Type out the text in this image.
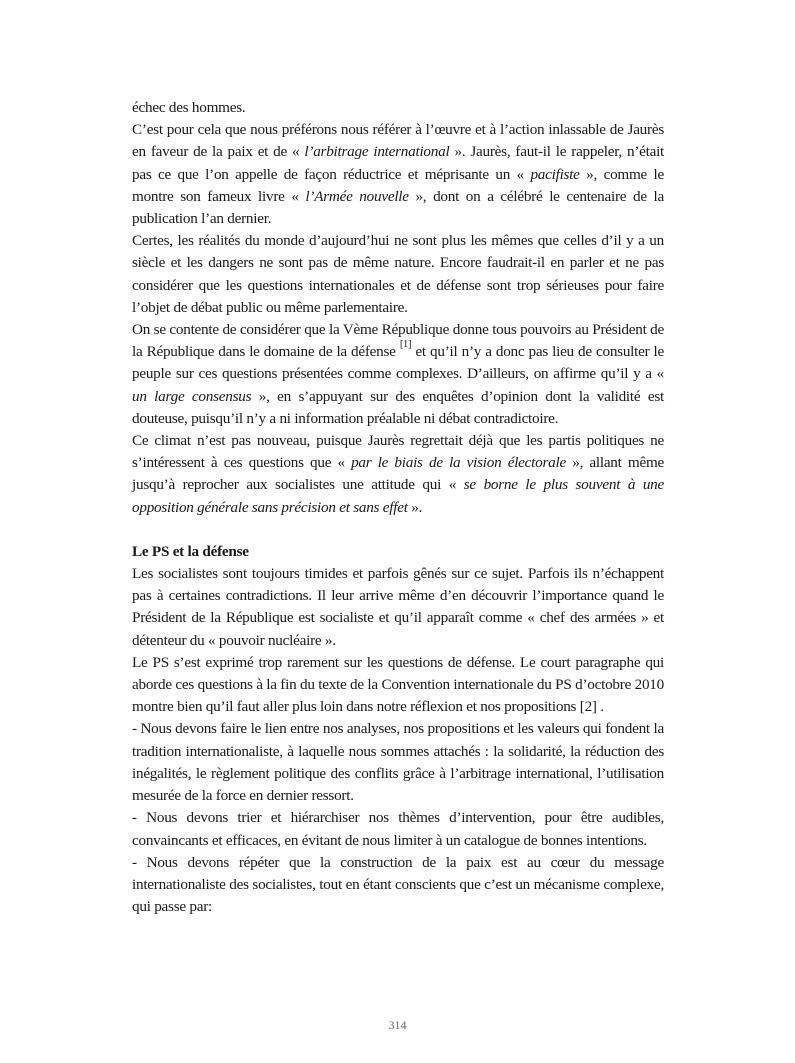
échec des hommes.

C’est pour cela que nous préférons nous référer à l’œuvre et à l’action inlassable de Jaurès en faveur de la paix et de « l’arbitrage international ». Jaurès, faut-il le rappeler, n’était pas ce que l’on appelle de façon réductrice et méprisante un « pacifiste », comme le montre son fameux livre « l’Armée nouvelle », dont on a célébré le centenaire de la publication l’an dernier.

Certes, les réalités du monde d’aujourd’hui ne sont plus les mêmes que celles d’il y a un siècle et les dangers ne sont pas de même nature. Encore faudrait-il en parler et ne pas considérer que les questions internationales et de défense sont trop sérieuses pour faire l’objet de débat public ou même parlementaire.

On se contente de considérer que la Vème République donne tous pouvoirs au Président de la République dans le domaine de la défense [1] et qu’il n’y a donc pas lieu de consulter le peuple sur ces questions présentées comme complexes. D’ailleurs, on affirme qu’il y a « un large consensus », en s’appuyant sur des enquêtes d’opinion dont la validité est douteuse, puisqu’il n’y a ni information préalable ni débat contradictoire.

Ce climat n’est pas nouveau, puisque Jaurès regrettait déjà que les partis politiques ne s’intéressent à ces questions que « par le biais de la vision électorale », allant même jusqu’à reprocher aux socialistes une attitude qui « se borne le plus souvent à une opposition générale sans précision et sans effet ».

Le PS et la défense

Les socialistes sont toujours timides et parfois gênés sur ce sujet. Parfois ils n’échappent pas à certaines contradictions. Il leur arrive même d’en découvrir l’importance quand le Président de la République est socialiste et qu’il apparaît comme « chef des armées » et détenteur du « pouvoir nucléaire ».

Le PS s’est exprimé trop rarement sur les questions de défense. Le court paragraphe qui aborde ces questions à la fin du texte de la Convention internationale du PS d’octobre 2010 montre bien qu’il faut aller plus loin dans notre réflexion et nos propositions [2] .

- Nous devons faire le lien entre nos analyses, nos propositions et les valeurs qui fondent la tradition internationaliste, à laquelle nous sommes attachés : la solidarité, la réduction des inégalités, le règlement politique des conflits grâce à l’arbitrage international, l’utilisation mesurée de la force en dernier ressort.

- Nous devons trier et hiérarchiser nos thèmes d’intervention, pour être audibles, convaincants et efficaces, en évitant de nous limiter à un catalogue de bonnes intentions.

- Nous devons répéter que la construction de la paix est au cœur du message internationaliste des socialistes, tout en étant conscients que c’est un mécanisme complexe, qui passe par:

314
